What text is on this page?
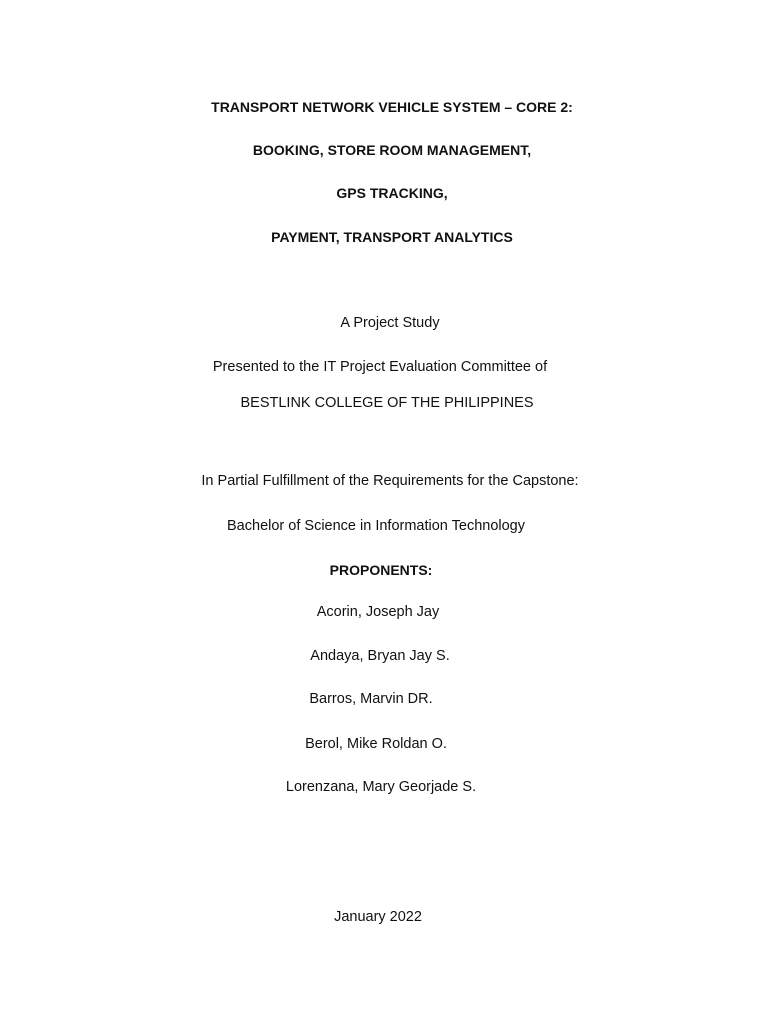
TRANSPORT NETWORK VEHICLE SYSTEM – CORE 2:
BOOKING, STORE ROOM MANAGEMENT,
GPS TRACKING,
PAYMENT, TRANSPORT ANALYTICS
A Project Study
Presented to the IT Project Evaluation Committee of
BESTLINK COLLEGE OF THE PHILIPPINES
In Partial Fulfillment of the Requirements for the Capstone:
Bachelor of Science in Information Technology
PROPONENTS:
Acorin, Joseph Jay
Andaya, Bryan Jay S.
Barros, Marvin DR.
Berol, Mike Roldan O.
Lorenzana, Mary Georjade S.
January 2022
